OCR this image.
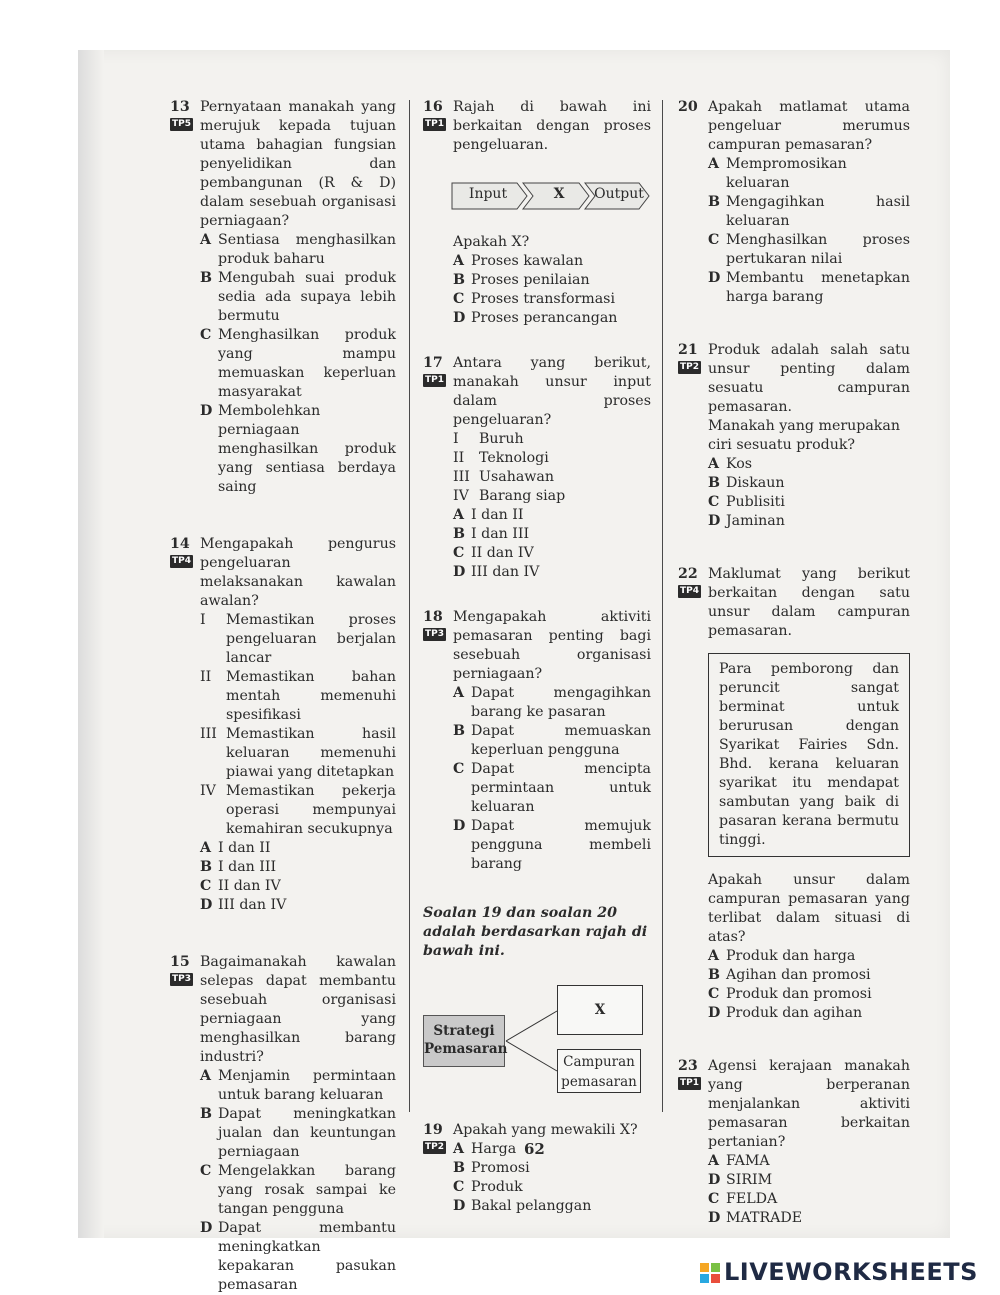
13
TP5
Pernyataan manakah yang merujuk kepada tujuan utama bahagian fungsian penyelidikan dan pembangunan (R & D) dalam sesebuah organisasi perniagaan?
A Sentiasa menghasilkan produk baharu
B Mengubah suai produk sedia ada supaya lebih bermutu
C Menghasilkan produk yang mampu memuaskan keperluan masyarakat
D Membolehkan perniagaan menghasilkan produk yang sentiasa berdaya saing
14
TP4
Mengapakah pengurus pengeluaran melaksanakan kawalan awalan?
I Memastikan proses pengeluaran berjalan lancar
II Memastikan bahan mentah memenuhi spesifikasi
III Memastikan hasil keluaran memenuhi piawai yang ditetapkan
IV Memastikan pekerja operasi mempunyai kemahiran secukupnya
A I dan II
B I dan III
C II dan IV
D III dan IV
15
TP3
Bagaimanakah kawalan selepas dapat membantu sesebuah organisasi perniagaan yang menghasilkan barang industri?
A Menjamin permintaan untuk barang keluaran
B Dapat meningkatkan jualan dan keuntungan perniagaan
C Mengelakkan barang yang rosak sampai ke tangan pengguna
D Dapat membantu meningkatkan kepakaran pasukan pemasaran
16
TP1
Rajah di bawah ini berkaitan dengan proses pengeluaran.
Input	X	Output
Apakah X?
A Proses kawalan
B Proses penilaian
C Proses transformasi
D Proses perancangan
17
TP1
Antara yang berikut, manakah unsur input dalam proses pengeluaran?
I Buruh
II Teknologi
III Usahawan
IV Barang siap
A I dan II
B I dan III
C II dan IV
D III dan IV
18
TP3
Mengapakah aktiviti pemasaran penting bagi sesebuah organisasi perniagaan?
A Dapat mengagihkan barang ke pasaran
B Dapat memuaskan keperluan pengguna
C Dapat mencipta permintaan untuk keluaran
D Dapat memujuk pengguna membeli barang
Soalan 19 dan soalan 20 adalah berdasarkan rajah di bawah ini.
Strategi Pemasaran
X
Campuran pemasaran
19
TP2
Apakah yang mewakili X?
A Harga
B Promosi
C Produk
D Bakal pelanggan
20 Apakah matlamat utama pengeluar merumus campuran pemasaran?
A Mempromosikan keluaran
B Mengagihkan hasil keluaran
C Menghasilkan proses pertukaran nilai
D Membantu menetapkan harga barang
21
TP2
Produk adalah salah satu unsur penting dalam sesuatu campuran pemasaran.
Manakah yang merupakan ciri sesuatu produk?
A Kos
B Diskaun
C Publisiti
D Jaminan
22
TP4
Maklumat yang berikut berkaitan dengan satu unsur dalam campuran pemasaran.
Para pemborong dan peruncit sangat berminat untuk berurusan dengan Syarikat Fairies Sdn. Bhd. kerana keluaran syarikat itu mendapat sambutan yang baik di pasaran kerana bermutu tinggi.
Apakah unsur dalam campuran pemasaran yang terlibat dalam situasi di atas?
A Produk dan harga
B Agihan dan promosi
C Produk dan promosi
D Produk dan agihan
23
TP1
Agensi kerajaan manakah yang berperanan menjalankan aktiviti pemasaran berkaitan pertanian?
A FAMA
D SIRIM
C FELDA
D MATRADE
62
LIVEWORKSHEETS
